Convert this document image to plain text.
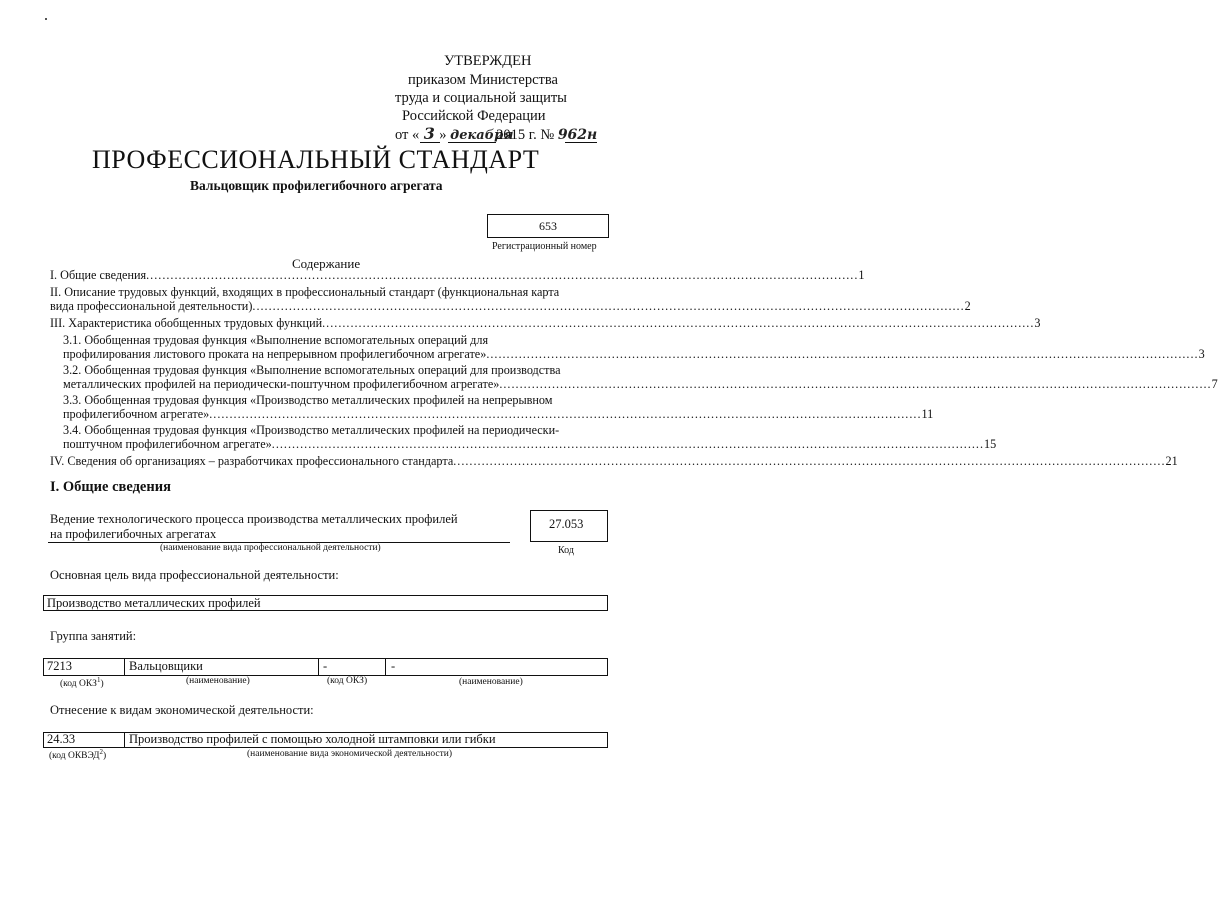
УТВЕРЖДЕН
приказом Министерства
труда и социальной защиты
Российской Федерации
от « 3 » декабря2015 г. № 962н
ПРОФЕССИОНАЛЬНЫЙ СТАНДАРТ
Вальцовщик профилегибочного агрегата
653
Регистрационный номер
Содержание
I. Общие сведения ................................................................................................................................................................................ 1
II. Описание трудовых функций, входящих в профессиональный стандарт (функциональная карта
вида профессиональной деятельности) ................................................................................................................................................................................ 2
III. Характеристика обобщенных трудовых функций ................................................................................................................................................................................ 3
3.1. Обобщенная трудовая функция «Выполнение вспомогательных операций для
профилирования листового проката на непрерывном профилегибочном агрегате» ................................................................................................................................................................................ 3
3.2. Обобщенная трудовая функция «Выполнение вспомогательных операций для производства
металлических профилей на периодически-поштучном профилегибочном агрегате» ................................................................................................................................................................................ 7
3.3. Обобщенная трудовая функция «Производство металлических профилей на непрерывном
профилегибочном агрегате» ................................................................................................................................................................................ 11
3.4. Обобщенная трудовая функция «Производство металлических профилей на периодически-
поштучном профилегибочном агрегате» ................................................................................................................................................................................ 15
IV. Сведения об организациях – разработчиках профессионального стандарта ................................................................................................................................................................................ 21
I. Общие сведения
Ведение технологического процесса производства металлических профилей
на профилегибочных агрегатах
(наименование вида профессиональной деятельности)
27.053
Код
Основная цель вида профессиональной деятельности:
Производство металлических профилей
Группа занятий:
7213	Вальцовщики	-	-
(код ОКЗ$^1$)	(наименование)	(код ОКЗ)	(наименование)
Отнесение к видам экономической деятельности:
24.33	Производство профилей с помощью холодной штамповки или гибки
(код ОКВЭД$^2$)	(наименование вида экономической деятельности)
